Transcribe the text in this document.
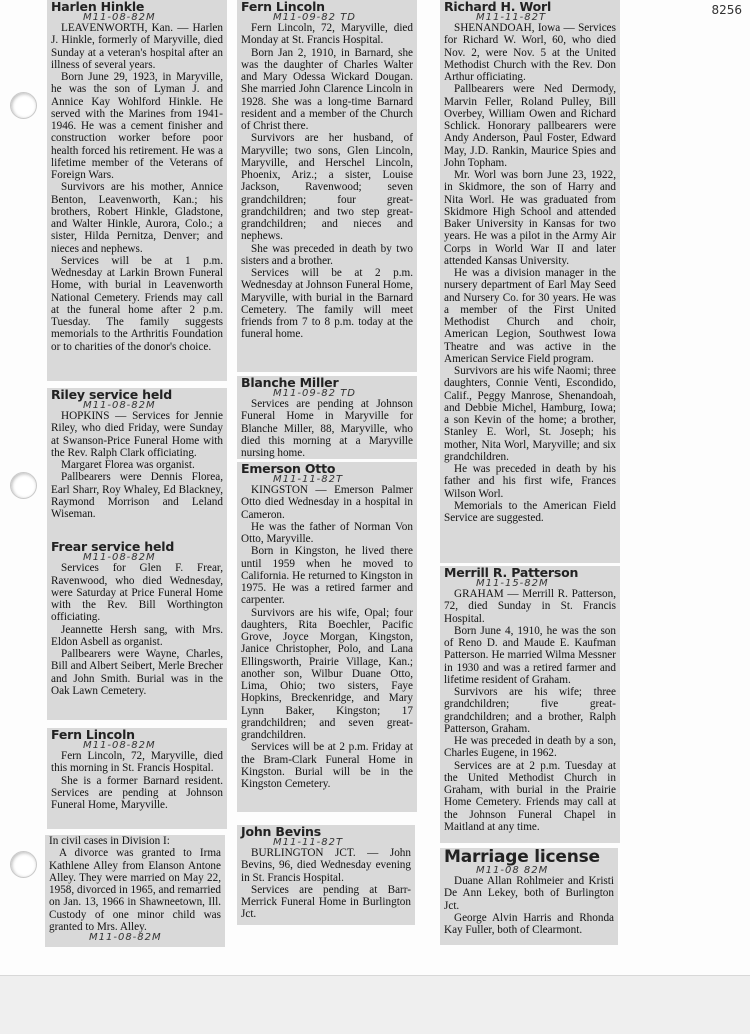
8256
Harlen Hinkle
M11-08-82M

LEAVENWORTH, Kan. — Harlen J. Hinkle, formerly of Maryville, died Sunday at a veteran's hospital after an illness of several years.

Born June 29, 1923, in Maryville, he was the son of Lyman J. and Annice Kay Wohlford Hinkle. He served with the Marines from 1941-1946. He was a cement finisher and construction worker before poor health forced his retirement. He was a lifetime member of the Veterans of Foreign Wars.

Survivors are his mother, Annice Benton, Leavenworth, Kan.; his brothers, Robert Hinkle, Gladstone, and Walter Hinkle, Aurora, Colo.; a sister, Hilda Pernitza, Denver; and nieces and nephews.

Services will be at 1 p.m. Wednesday at Larkin Brown Funeral Home, with burial in Leavenworth National Cemetery. Friends may call at the funeral home after 2 p.m. Tuesday. The family suggests memorials to the Arthritis Foundation or to charities of the donor's choice.

Riley service held
M11-08-82M

HOPKINS — Services for Jennie Riley, who died Friday, were Sunday at Swanson-Price Funeral Home with the Rev. Ralph Clark officiating.

Margaret Florea was organist.

Pallbearers were Dennis Florea, Earl Sharr, Roy Whaley, Ed Blackney, Raymond Morrison and Leland Wiseman.

Frear service held
M11-08-82M

Services for Glen F. Frear, Ravenwood, who died Wednesday, were Saturday at Price Funeral Home with the Rev. Bill Worthington officiating.

Jeannette Hersh sang, with Mrs. Eldon Asbell as organist.

Pallbearers were Wayne, Charles, Bill and Albert Seibert, Merle Brecher and John Smith. Burial was in the Oak Lawn Cemetery.

Fern Lincoln
M11-08-82M

Fern Lincoln, 72, Maryville, died this morning in St. Francis Hospital.

She is a former Barnard resident. Services are pending at Johnson Funeral Home, Maryville.

In civil cases in Division I:

A divorce was granted to Irma Kathlene Alley from Elanson Antone Alley. They were married on May 22, 1958, divorced in 1965, and remarried on Jan. 13, 1966 in Shawneetown, Ill. Custody of one minor child was granted to Mrs. Alley.

M11-08-82M
Fern Lincoln
M11-09-82 TD

Fern Lincoln, 72, Maryville, died Monday at St. Francis Hospital.

Born Jan 2, 1910, in Barnard, she was the daughter of Charles Walter and Mary Odessa Wickard Dougan. She married John Clarence Lincoln in 1928. She was a long-time Barnard resident and a member of the Church of Christ there.

Survivors are her husband, of Maryville; two sons, Glen Lincoln, Maryville, and Herschel Lincoln, Phoenix, Ariz.; a sister, Louise Jackson, Ravenwood; seven grandchildren; four great-grandchildren; and two step great-grandchildren; and nieces and nephews.

She was preceded in death by two sisters and a brother.

Services will be at 2 p.m. Wednesday at Johnson Funeral Home, Maryville, with burial in the Barnard Cemetery. The family will meet friends from 7 to 8 p.m. today at the funeral home.

Blanche Miller
M11-09-82 TD

Services are pending at Johnson Funeral Home in Maryville for Blanche Miller, 88, Maryville, who died this morning at a Maryville nursing home.

Emerson Otto
M11-11-82T

KINGSTON — Emerson Palmer Otto died Wednesday in a hospital in Cameron.

He was the father of Norman Von Otto, Maryville.

Born in Kingston, he lived there until 1959 when he moved to California. He returned to Kingston in 1975. He was a retired farmer and carpenter.

Survivors are his wife, Opal; four daughters, Rita Boechler, Pacific Grove, Joyce Morgan, Kingston, Janice Christopher, Polo, and Lana Ellingsworth, Prairie Village, Kan.; another son, Wilbur Duane Otto, Lima, Ohio; two sisters, Faye Hopkins, Breckenridge, and Mary Lynn Baker, Kingston; 17 grandchildren; and seven great-grandchildren.

Services will be at 2 p.m. Friday at the Bram-Clark Funeral Home in Kingston. Burial will be in the Kingston Cemetery.

John Bevins
M11-11-82T

BURLINGTON JCT. — John Bevins, 96, died Wednesday evening in St. Francis Hospital.

Services are pending at Barr-Merrick Funeral Home in Burlington Jct.

Richard H. Worl
M11-11-82T

SHENANDOAH, Iowa — Services for Richard W. Worl, 60, who died Nov. 2, were Nov. 5 at the United Methodist Church with the Rev. Don Arthur officiating.

Pallbearers were Ned Dermody, Marvin Feller, Roland Pulley, Bill Overbey, William Owen and Richard Schlick. Honorary pallbearers were Andy Anderson, Paul Foster, Edward May, J.D. Rankin, Maurice Spies and John Topham.

Mr. Worl was born June 23, 1922, in Skidmore, the son of Harry and Nita Worl. He was graduated from Skidmore High School and attended Baker University in Kansas for two years. He was a pilot in the Army Air Corps in World War II and later attended Kansas University.

He was a division manager in the nursery department of Earl May Seed and Nursery Co. for 30 years. He was a member of the First United Methodist Church and choir, American Legion, Southwest Iowa Theatre and was active in the American Service Field program.

Survivors are his wife Naomi; three daughters, Connie Venti, Escondido, Calif., Peggy Manrose, Shenandoah, and Debbie Michel, Hamburg, Iowa; a son Kevin of the home; a brother, Stanley E. Worl, St. Joseph; his mother, Nita Worl, Maryville; and six grandchildren.

He was preceded in death by his father and his first wife, Frances Wilson Worl.

Memorials to the American Field Service are suggested.

Merrill R. Patterson
M11-15-82M

GRAHAM — Merrill R. Patterson, 72, died Sunday in St. Francis Hospital.

Born June 4, 1910, he was the son of Reno D. and Maude E. Kaufman Patterson. He married Wilma Messner in 1930 and was a retired farmer and lifetime resident of Graham.

Survivors are his wife; three grandchildren; five great-grandchildren; and a brother, Ralph Patterson, Graham.

He was preceded in death by a son, Charles Eugene, in 1962.

Services are at 2 p.m. Tuesday at the United Methodist Church in Graham, with burial in the Prairie Home Cemetery. Friends may call at the Johnson Funeral Chapel in Maitland at any time.

Marriage license
M11-08 82M

Duane Allan Rohlmeier and Kristi De Ann Lekey, both of Burlington Jct.

George Alvin Harris and Rhonda Kay Fuller, both of Clearmont.
